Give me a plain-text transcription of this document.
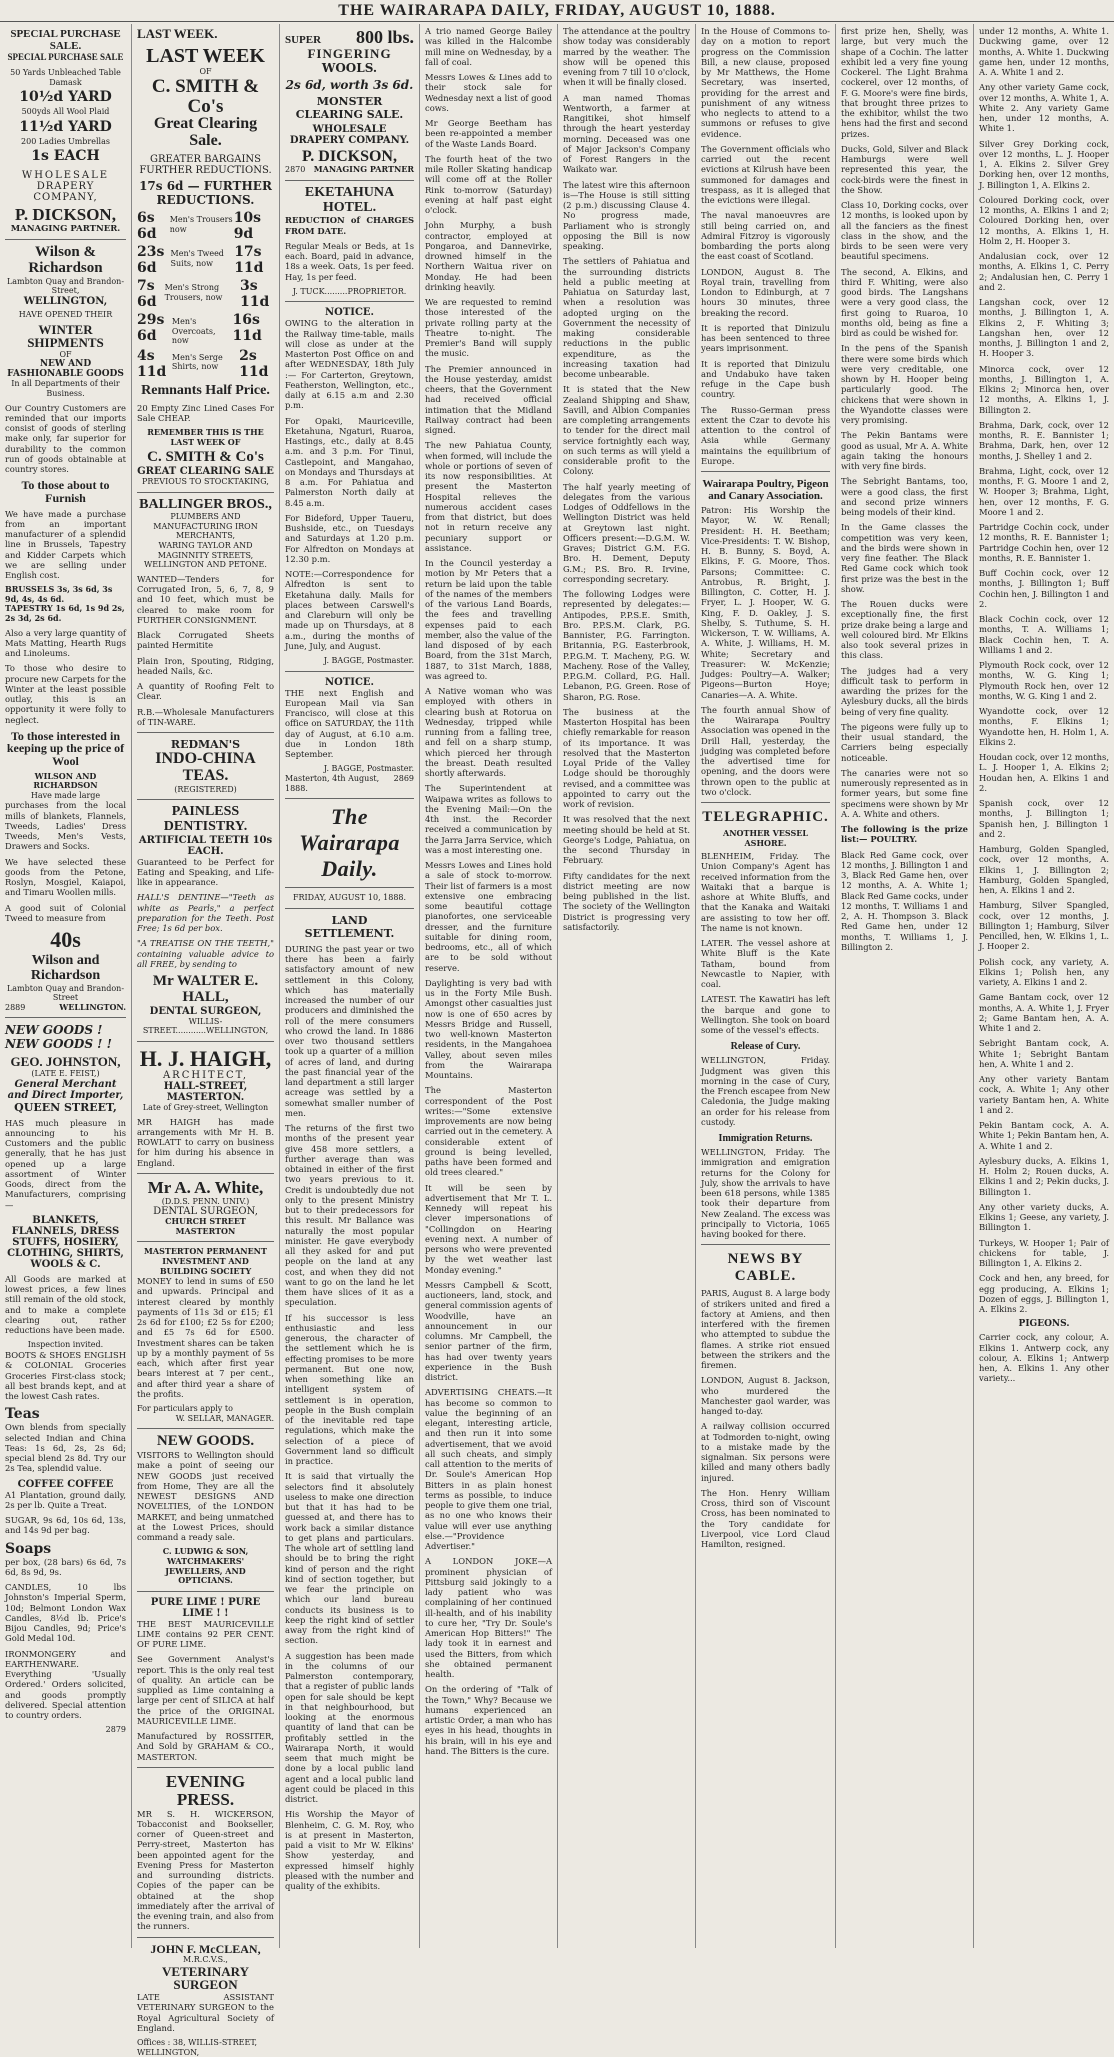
THE WAIRARAPA DAILY, FRIDAY, AUGUST 10, 1888.
SPECIAL PURCHASE SALE.
SPECIAL PURCHASE SALE
50 Yards Unbleached Table Damask
10½d YARD
500yds All Wool Plaid
11½d YARD
200 Ladies Umbrellas
1s EACH
WHOLESALE
DRAPERY COMPANY,
P. DICKSON,
MANAGING PARTNER.
Wilson & Richardson
Lambton Quay and Brandon-Street,
WELLINGTON,
HAVE OPENED THEIR
WINTER SHIPMENTS
OF
NEW AND FASHIONABLE GOODS
In all Departments of their Business.
Our Country Customers are reminded that our imports consist of goods of sterling make only, far superior for durability to the common run of goods obtainable at country stores.
To those about to Furnish
We have made a purchase from an important manufacturer of a splendid line in Brussels, Tapestry and Kidder Carpets which we are selling under English cost.
BRUSSELS 3s, 3s 6d, 3s 9d, 4s, 4s 6d.
TAPESTRY 1s 6d, 1s 9d 2s, 2s 3d, 2s 6d.
Also a very large quantity of Mats Matting, Hearth Rugs and Linoleums.
To those who desire to procure new Carpets for the Winter at the least possible outlay, this is an opportunity it were folly to neglect.
To those interested in keeping up the price of Wool
WILSON AND RICHARDSON
Have made large
purchases from the local mills of blankets, Flannels, Tweeds, Ladies' Dress Tweeds, Men's Vests, Drawers and Socks.
We have selected these goods from the Petone, Roslyn, Mosgiel, Kaiapoi, and Timaru Woollen mills.
A good suit of Colonial Tweed to measure from
40s
Wilson and Richardson
Lambton Quay and Brandon-Street
2889	WELLINGTON.
NEW GOODS ! NEW GOODS ! !
GEO. JOHNSTON,
(LATE E. FEIST,)
General Merchant and Direct Importer,
QUEEN STREET,
HAS much pleasure in announcing to his Customers and the public generally, that he has just opened up a large assortment of Winter Goods, direct from the Manufacturers, comprising—
BLANKETS, FLANNELS, DRESS STUFFS, HOSIERY, CLOTHING, SHIRTS, WOOLS & C.
All Goods are marked at lowest prices, a few lines still remain of the old stock, and to make a complete clearing out, rather reductions have been made.
Inspection invited.
BOOTS & SHOES ENGLISH & COLONIAL Groceries Groceries First-class stock; all best brands kept, and at the lowest Cash rates.
Teas
Own blends from specially selected Indian and China Teas: 1s 6d, 2s, 2s 6d; special blend 2s 8d. Try our 2s Tea, splendid value.
COFFEE COFFEE
A1 Plantation, ground daily, 2s per lb. Quite a Treat.
SUGAR, 9s 6d, 10s 6d, 13s, and 14s 9d per bag.
Soaps
per box, (28 bars) 6s 6d, 7s 6d, 8s 9d, 9s.
CANDLES, 10 lbs Johnston's Imperial Sperm, 10d; Belmont London Wax Candles, 8½d lb. Price's Bijou Candles, 9d; Price's Gold Medal 10d.
IRONMONGERY and EARTHENWARE. Everything 'Usually Ordered.' Orders solicited, and goods promptly delivered. Special attention to country orders.
2879
LAST WEEK.
LAST WEEK
OF
C. SMITH & Co's
Great Clearing Sale.
GREATER BARGAINS
FURTHER REDUCTIONS.
17s 6d — FURTHER REDUCTIONS.
6s 6d
Men's Trousers now
10s 9d
23s 6d
Men's Tweed Suits, now
17s 11d
7s 6d
Men's Strong Trousers, now
3s 11d
29s 6d
Men's Overcoats, now
16s 11d
4s 11d
Men's Serge Shirts, now
2s 11d
Remnants Half Price.
20 Empty Zinc Lined Cases For Sale CHEAP.
REMEMBER THIS IS THE LAST WEEK OF
C. SMITH & Co's
GREAT CLEARING SALE
PREVIOUS TO STOCKTAKING,
BALLINGER BROS.,
PLUMBERS AND MANUFACTURING IRON MERCHANTS,
WARING TAYLOR AND MAGINNITY STREETS, WELLINGTON AND PETONE.
WANTED—Tenders for Corrugated Iron, 5, 6, 7, 8, 9 and 10 feet, which must be cleared to make room for FURTHER CONSIGNMENT.
Black Corrugated Sheets painted Hermitite
Plain Iron, Spouting, Ridging, headed Nails, &c.
A quantity of Roofing Felt to Clear.
R.B.—Wholesale Manufacturers of TIN-WARE.
REDMAN'S
INDO-CHINA TEAS.
(REGISTERED)
PAINLESS DENTISTRY.
ARTIFICIAL TEETH 10s EACH.
Guaranteed to be Perfect for Eating and Speaking, and Life-like in appearance.
HALL'S DENTINE—"Teeth as white as Pearls," a perfect preparation for the Teeth. Post Free; 1s 6d per box.
"A TREATISE ON THE TEETH," containing valuable advice to all FREE, by sending to
Mr WALTER E. HALL,
DENTAL SURGEON,
WILLIS-STREET............WELLINGTON,
H. J. HAIGH,
ARCHITECT,
HALL-STREET, MASTERTON.
Late of Grey-street, Wellington
MR HAIGH has made arrangements with Mr H. B. ROWLATT to carry on business for him during his absence in England.
Mr A. A. White,
(D.D.S. PENN. UNIV.)
DENTAL SURGEON,
CHURCH STREET MASTERTON
MASTERTON PERMANENT INVESTMENT AND BUILDING SOCIETY
MONEY to lend in sums of £50 and upwards. Principal and interest cleared by monthly payments of 11s 3d or £15; £1 2s 6d for £100; £2 5s for £200; and £5 7s 6d for £500. Investment shares can be taken up by a monthly payment of 5s each, which after first year bears interest at 7 per cent., and after third year a share of the profits.
For particulars apply to
W. SELLAR, MANAGER.
NEW GOODS.
VISITORS to Wellington should make a point of seeing our NEW GOODS just received from Home, They are all the NEWEST DESIGNS AND NOVELTIES, of the LONDON MARKET, and being unmatched at the Lowest Prices, should command a ready sale.
C. LUDWIG & SON, WATCHMAKERS' JEWELLERS, AND OPTICIANS.
PURE LIME ! PURE LIME ! !
THE BEST MAURICEVILLE LIME contains 92 PER CENT. OF PURE LIME.
See Government Analyst's report. This is the only real test of quality. An article can be supplied as Lime containing a large per cent of SILICA at half the price of the ORIGINAL MAURICEVILLE LIME.
Manufactured by ROSSITER, And Sold by GRAHAM & CO., MASTERTON.
EVENING PRESS.
MR S. H. WICKERSON, Tobacconist and Bookseller, corner of Queen-street and Perry-street, Masterton has been appointed agent for the Evening Press for Masterton and surrounding districts. Copies of the paper can be obtained at the shop immediately after the arrival of the evening train, and also from the runners.
JOHN F. McCLEAN,
M.R.C.V.S.,
VETERINARY SURGEON
LATE ASSISTANT VETERINARY SURGEON to the Royal Agricultural Society of England.
Offices : 38, WILLIS-STREET, WELLINGTON,
SUPER 800 lbs.
FINGERING
WOOLS.
2s 6d, worth 3s 6d.
MONSTER CLEARING SALE.
WHOLESALE DRAPERY COMPANY.
P. DICKSON,
2870 MANAGING PARTNER
EKETAHUNA HOTEL.
REDUCTION of CHARGES FROM DATE.
Regular Meals or Beds, at 1s each. Board, paid in advance, 18s a week. Oats, 1s per feed. Hay, 1s per feed.
J. TUCK.........PROPRIETOR.
NOTICE.
OWING to the alteration in the Railway time-table, mails will close as under at the Masterton Post Office on and after WEDNESDAY, 18th July :— For Carterton, Greytown, Featherston, Wellington, etc., daily at 6.15 a.m and 2.30 p.m.
For Opaki, Mauriceville, Eketahuna, Ngaturi, Ruaroa, Hastings, etc., daily at 8.45 a.m. and 3 p.m. For Tinui, Castlepoint, and Mangahao, on Mondays and Thursdays at 8 a.m. For Pahiatua and Palmerston North daily at 8.45 a.m.
For Bideford, Upper Taueru, Bushside, etc., on Tuesdays and Saturdays at 1.20 p.m. For Alfredton on Mondays at 12.30 p.m.
NOTE:—Correspondence for Alfredton is sent to Eketahuna daily. Mails for places between Carswell's and Clareburn will only be made up on Thursdays, at 8 a.m., during the months of June, July, and August.
J. BAGGE, Postmaster.
NOTICE.
THE next English and European Mail via San Francisco, will close at this office on SATURDAY, the 11th day of August, at 6.10 a.m. due in London 18th September.
J. BAGGE, Postmaster.
Masterton, 4th August, 1888.
2869
The Wairarapa Daily.
FRIDAY, AUGUST 10, 1888.
LAND SETTLEMENT.
DURING the past year or two there has been a fairly satisfactory amount of new settlement in this Colony, which has materially increased the number of our producers and diminished the roll of the mere consumers who crowd the land. In 1886 over two thousand settlers took up a quarter of a million of acres of land, and during the past financial year of the land department a still larger acreage was settled by a somewhat smaller number of men.
The returns of the first two months of the present year give 458 more settlers, a further average than was obtained in either of the first two years previous to it. Credit is undoubtedly due not only to the present Ministry but to their predecessors for this result. Mr Ballance was naturally the most popular minister. He gave everybody all they asked for and put people on the land at any cost, and when they did not want to go on the land he let them have slices of it as a speculation.
If his successor is less enthusiastic and less generous, the character of the settlement which he is effecting promises to be more permanent. But one now, when something like an intelligent system of settlement is in operation, people in the Bush complain of the inevitable red tape regulations, which make the selection of a piece of Government land so difficult in practice.
It is said that virtually the selectors find it absolutely useless to make one direction but that it has had to be guessed at, and there has to work back a similar distance to get plans and particulars. The whole art of settling land should be to bring the right kind of person and the right kind of section together, but we fear the principle on which our land bureau conducts its business is to keep the right kind of settler away from the right kind of section.
A suggestion has been made in the columns of our Palmerston contemporary, that a register of public lands open for sale should be kept in that neighbourhood, but looking at the enormous quantity of land that can be profitably settled in the Wairarapa North, it would seem that much might be done by a local public land agent and a local public land agent could be placed in this district.
His Worship the Mayor of Blenheim, C. G. M. Roy, who is at present in Masterton, paid a visit to Mr W. Elkins' Show yesterday, and expressed himself highly pleased with the number and quality of the exhibits.
A trio named George Bailey was killed in the Halcombe mill mine on Wednesday, by a fall of coal.
Messrs Lowes & Lines add to their stock sale for Wednesday next a list of good cows.
Mr George Beetham has been re-appointed a member of the Waste Lands Board.
The fourth heat of the two mile Roller Skating handicap will come off at the Roller Rink to-morrow (Saturday) evening at half past eight o'clock.
John Murphy, a bush contractor, employed at Pongaroa, and Dannevirke, drowned himself in the Northern Waitua river on Monday. He had been drinking heavily.
We are requested to remind those interested of the private rolling party at the Theatre to-night. The Premier's Band will supply the music.
The Premier announced in the House yesterday, amidst cheers, that the Government had received official intimation that the Midland Railway contract had been signed.
The new Pahiatua County, when formed, will include the whole or portions of seven of its now responsibilities. At present the Masterton Hospital relieves the numerous accident cases from that district, but does not in return receive any pecuniary support or assistance.
In the Council yesterday a motion by Mr Peters that a return be laid upon the table of the names of the members of the various Land Boards, the fees and travelling expenses paid to each member, also the value of the land disposed of by each Board, from the 31st March, 1887, to 31st March, 1888, was agreed to.
A Native woman who was employed with others in clearing bush at Rotorua on Wednesday, tripped while running from a falling tree, and fell on a sharp stump, which pierced her through the breast. Death resulted shortly afterwards.
The Superintendent at Waipawa writes as follows to the Evening Mail:—On the 4th inst. the Recorder received a communication by the Jarra Jarra Service, which was a most interesting one.
Messrs Lowes and Lines hold a sale of stock to-morrow. Their list of farmers is a most extensive one embracing some beautiful cottage pianofortes, one serviceable dresser, and the furniture suitable for dining room, bedrooms, etc., all of which are to be sold without reserve.
Daylighting is very bad with us in the Forty Mile Bush. Amongst other casualties just now is one of 650 acres by Messrs Bridge and Russell, two well-known Masterton residents, in the Mangahoea Valley, about seven miles from the Wairarapa Mountains.
The Masterton correspondent of the Post writes:—"Some extensive improvements are now being carried out in the cemetery. A considerable extent of ground is being levelled, paths have been formed and old trees cleared."
It will be seen by advertisement that Mr T. L. Kennedy will repeat his clever impersonations of "Collingdon on Hearing evening next. A number of persons who were prevented by the wet weather last Monday evening."
Messrs Campbell & Scott, auctioneers, land, stock, and general commission agents of Woodville, have an announcement in our columns. Mr Campbell, the senior partner of the firm, has had over twenty years experience in the Bush district.
ADVERTISING CHEATS.—It has become so common to value the beginning of an elegant, interesting article, and then run it into some advertisement, that we avoid all such cheats, and simply call attention to the merits of Dr. Soule's American Hop Bitters in as plain honest terms as possible, to induce people to give them one trial, as no one who knows their value will ever use anything else.—"Providence Advertiser."
A LONDON JOKE—A prominent physician of Pittsburg said jokingly to a lady patient who was complaining of her continued ill-health, and of his inability to cure her, "Try Dr. Soule's American Hop Bitters!" The lady took it in earnest and used the Bitters, from which she obtained permanent health.
On the ordering of "Talk of the Town," Why? Because we humans experienced an artistic Order, a man who has eyes in his head, thoughts in his brain, will in his eye and hand. The Bitters is the cure.
The attendance at the poultry show today was considerably marred by the weather. The show will be opened this evening from 7 till 10 o'clock, when it will be finally closed.
A man named Thomas Wentworth, a farmer at Rangitikei, shot himself through the heart yesterday morning. Deceased was one of Major Jackson's Company of Forest Rangers in the Waikato war.
The latest wire this afternoon is—The House is still sitting (2 p.m.) discussing Clause 4. No progress made, Parliament who is strongly opposing the Bill is now speaking.
The settlers of Pahiatua and the surrounding districts held a public meeting at Pahiatua on Saturday last, when a resolution was adopted urging on the Government the necessity of making considerable reductions in the public expenditure, as the increasing taxation had become unbearable.
It is stated that the New Zealand Shipping and Shaw, Savill, and Albion Companies are completing arrangements to tender for the direct mail service fortnightly each way, on such terms as will yield a considerable profit to the Colony.
The half yearly meeting of delegates from the various Lodges of Oddfellows in the Wellington District was held at Greytown last night. Officers present:—D.G.M. W. Graves; District G.M. F.G. Bro. H. Dement, Deputy G.M.; P.S. Bro. R. Irvine, corresponding secretary.
The following Lodges were represented by delegates:—Antipodes, P.P.S.E. Smith, Bro. P.P.S.M. Clark, P.G. Bannister, P.G. Farrington. Britannia, P.G. Easterbrook, P.P.G.M. T. Macheny, P.G. W. Macheny. Rose of the Valley, P.P.G.M. Collard, P.G. Hall. Lebanon, P.G. Green. Rose of Sharon, P.G. Rose.
The business at the Masterton Hospital has been chiefly remarkable for reason of its importance. It was resolved that the Masterton Loyal Pride of the Valley Lodge should be thoroughly revised, and a committee was appointed to carry out the work of revision.
It was resolved that the next meeting should be held at St. George's Lodge, Pahiatua, on the second Thursday in February.
Fifty candidates for the next district meeting are now being published in the list. The society of the Wellington District is progressing very satisfactorily.
In the House of Commons to-day on a motion to report progress on the Commission Bill, a new clause, proposed by Mr Matthews, the Home Secretary, was inserted, providing for the arrest and punishment of any witness who neglects to attend to a summons or refuses to give evidence.
The Government officials who carried out the recent evictions at Kilrush have been summoned for damages and trespass, as it is alleged that the evictions were illegal.
The naval manoeuvres are still being carried on, and Admiral Fitzroy is vigorously bombarding the ports along the east coast of Scotland.
LONDON, August 8. The Royal train, travelling from London to Edinburgh, at 7 hours 30 minutes, three breaking the record.
It is reported that Dinizulu has been sentenced to three years imprisonment.
It is reported that Dinizulu and Undabuko have taken refuge in the Cape bush country.
The Russo-German press extent the Czar to devote his attention to the control of Asia while Germany maintains the equilibrium of Europe.
Wairarapa Poultry, Pigeon and Canary Association.
Patron: His Worship the Mayor, W. W. Renall; President: H. H. Beetham; Vice-Presidents: T. W. Bishop, H. B. Bunny, S. Boyd, A. Elkins, F. G. Moore, Thos. Parsons; Committee: C. Antrobus, R. Bright, J. Billington, C. Cotter, H. J. Fryer, L. J. Hooper, W. G. King, F. D. Oakley, J. S. Shelby, S. Tuthume, S. H. Wickerson, T. W. Williams, A. A. White, J. Williams, H. M. White; Secretary and Treasurer: W. McKenzie; Judges: Poultry—A. Walker; Pigeons—Burton Hoye; Canaries—A. A. White.
The fourth annual Show of the Wairarapa Poultry Association was opened in the Drill Hall, yesterday, the judging was completed before the advertised time for opening, and the doors were thrown open to the public at two o'clock.
TELEGRAPHIC.
ANOTHER VESSEL ASHORE.
BLENHEIM, Friday. The Union Company's Agent has received information from the Waitaki that a barque is ashore at White Bluffs, and that the Kanaka and Waitaki are assisting to tow her off. The name is not known.
LATER. The vessel ashore at White Bluff is the Kate Tatham, bound from Newcastle to Napier, with coal.
LATEST. The Kawatiri has left the barque and gone to Wellington. She took on board some of the vessel's effects.
Release of Cury.
WELLINGTON, Friday. Judgment was given this morning in the case of Cury, the French escapee from New Caledonia, the Judge making an order for his release from custody.
Immigration Returns.
WELLINGTON, Friday. The immigration and emigration returns for the Colony for July, show the arrivals to have been 618 persons, while 1385 took their departure from New Zealand. The excess was principally to Victoria, 1065 having booked for there.
NEWS BY CABLE.
PARIS, August 8. A large body of strikers united and fired a factory at Amiens, and then interfered with the firemen who attempted to subdue the flames. A strike riot ensued between the strikers and the firemen.
LONDON, August 8. Jackson, who murdered the Manchester gaol warder, was hanged to-day.
A railway collision occurred at Todmorden to-night, owing to a mistake made by the signalman. Six persons were killed and many others badly injured.
The Hon. Henry William Cross, third son of Viscount Cross, has been nominated to the Tory candidate for Liverpool, vice Lord Claud Hamilton, resigned.
first prize hen, Shelly, was large, but very much the shape of a Cochin. The latter exhibit led a very fine young Cockerel. The Light Brahma cockerel, over 12 months, of F. G. Moore's were fine birds, that brought three prizes to the exhibitor, whilst the two hens had the first and second prizes.
Ducks, Gold, Silver and Black Hamburgs were well represented this year, the cock-birds were the finest in the Show.
Class 10, Dorking cocks, over 12 months, is looked upon by all the fanciers as the finest class in the show, and the birds to be seen were very beautiful specimens.
The second, A. Elkins, and third F. Whiting, were also good birds. The Langshans were a very good class, the first going to Ruaroa, 10 months old, being as fine a bird as could be wished for.
In the pens of the Spanish there were some birds which were very creditable, one shown by H. Hooper being particularly good. The chickens that were shown in the Wyandotte classes were very promising.
The Pekin Bantams were good as usual, Mr A. A. White again taking the honours with very fine birds.
The Sebright Bantams, too, were a good class, the first and second prize winners being models of their kind.
In the Game classes the competition was very keen, and the birds were shown in very fine feather. The Black Red Game cock which took first prize was the best in the show.
The Rouen ducks were exceptionally fine, the first prize drake being a large and well coloured bird. Mr Elkins also took several prizes in this class.
The judges had a very difficult task to perform in awarding the prizes for the Aylesbury ducks, all the birds being of very fine quality.
The pigeons were fully up to their usual standard, the Carriers being especially noticeable.
The canaries were not so numerously represented as in former years, but some fine specimens were shown by Mr A. A. White and others.
The following is the prize list:— POULTRY.
Black Red Game cock, over 12 months, J. Billington 1 and 3, Black Red Game hen, over 12 months, A. A. White 1; Black Red Game cocks, under 12 months, T. Williams 1 and 2, A. H. Thompson 3. Black Red Game hen, under 12 months, T. Williams 1, J. Billington 2.
under 12 months, A. White 1. Duckwing game, over 12 months, A. White 1. Duckwing game hen, under 12 months, A. A. White 1 and 2.
Any other variety Game cock, over 12 months, A. White 1, A. White 2. Any variety Game hen, under 12 months, A. White 1.
Silver Grey Dorking cock, over 12 months, L. J. Hooper 1, A. Elkins 2. Silver Grey Dorking hen, over 12 months, J. Billington 1, A. Elkins 2.
Coloured Dorking cock, over 12 months, A. Elkins 1 and 2; Coloured Dorking hen, over 12 months, A. Elkins 1, H. Holm 2, H. Hooper 3.
Andalusian cock, over 12 months, A. Elkins 1, C. Perry 2; Andalusian hen, C. Perry 1 and 2.
Langshan cock, over 12 months, J. Billington 1, A. Elkins 2, F. Whiting 3; Langshan hen, over 12 months, J. Billington 1 and 2, H. Hooper 3.
Minorca cock, over 12 months, J. Billington 1, A. Elkins 2; Minorca hen, over 12 months, A. Elkins 1, J. Billington 2.
Brahma, Dark, cock, over 12 months, R. E. Bannister 1; Brahma, Dark, hen, over 12 months, J. Shelley 1 and 2.
Brahma, Light, cock, over 12 months, F. G. Moore 1 and 2, W. Hooper 3; Brahma, Light, hen, over 12 months, F. G. Moore 1 and 2.
Partridge Cochin cock, under 12 months, R. E. Bannister 1; Partridge Cochin hen, over 12 months, R. E. Bannister 1.
Buff Cochin cock, over 12 months, J. Billington 1; Buff Cochin hen, J. Billington 1 and 2.
Black Cochin cock, over 12 months, T. A. Williams 1; Black Cochin hen, T. A. Williams 1 and 2.
Plymouth Rock cock, over 12 months, W. G. King 1; Plymouth Rock hen, over 12 months, W. G. King 1 and 2.
Wyandotte cock, over 12 months, F. Elkins 1; Wyandotte hen, H. Holm 1, A. Elkins 2.
Houdan cock, over 12 months, L. J. Hooper 1, A. Elkins 2; Houdan hen, A. Elkins 1 and 2.
Spanish cock, over 12 months, J. Billington 1; Spanish hen, J. Billington 1 and 2.
Hamburg, Golden Spangled, cock, over 12 months, A. Elkins 1, J. Billington 2; Hamburg, Golden Spangled, hen, A. Elkins 1 and 2.
Hamburg, Silver Spangled, cock, over 12 months, J. Billington 1; Hamburg, Silver Pencilled, hen, W. Elkins 1, L. J. Hooper 2.
Polish cock, any variety, A. Elkins 1; Polish hen, any variety, A. Elkins 1 and 2.
Game Bantam cock, over 12 months, A. A. White 1, J. Fryer 2; Game Bantam hen, A. A. White 1 and 2.
Sebright Bantam cock, A. White 1; Sebright Bantam hen, A. White 1 and 2.
Any other variety Bantam cock, A. White 1; Any other variety Bantam hen, A. White 1 and 2.
Pekin Bantam cock, A. A. White 1; Pekin Bantam hen, A. A. White 1 and 2.
Aylesbury ducks, A. Elkins 1, H. Holm 2; Rouen ducks, A. Elkins 1 and 2; Pekin ducks, J. Billington 1.
Any other variety ducks, A. Elkins 1; Geese, any variety, J. Billington 1.
Turkeys, W. Hooper 1; Pair of chickens for table, J. Billington 1, A. Elkins 2.
Cock and hen, any breed, for egg producing, A. Elkins 1; Dozen of eggs, J. Billington 1, A. Elkins 2.
PIGEONS.
Carrier cock, any colour, A. Elkins 1. Antwerp cock, any colour, A. Elkins 1; Antwerp hen, A. Elkins 1. Any other variety...
